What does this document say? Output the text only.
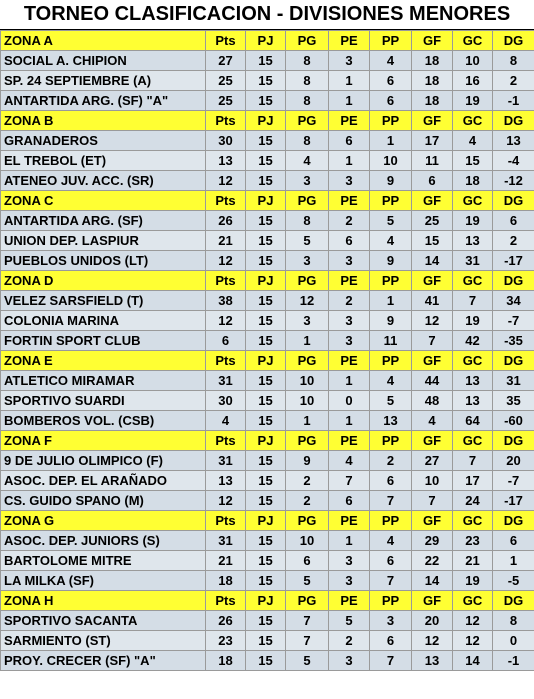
TORNEO CLASIFICACION - DIVISIONES MENORES
ZONA A	Pts	PJ	PG	PE	PP	GF	GC	DG
SOCIAL A. CHIPION	27	15	8	3	4	18	10	8
SP. 24 SEPTIEMBRE (A)	25	15	8	1	6	18	16	2
ANTARTIDA ARG. (SF) "A"	25	15	8	1	6	18	19	-1
ZONA B	Pts	PJ	PG	PE	PP	GF	GC	DG
GRANADEROS	30	15	8	6	1	17	4	13
EL TREBOL (ET)	13	15	4	1	10	11	15	-4
ATENEO JUV. ACC. (SR)	12	15	3	3	9	6	18	-12
ZONA C	Pts	PJ	PG	PE	PP	GF	GC	DG
ANTARTIDA ARG. (SF)	26	15	8	2	5	25	19	6
UNION DEP. LASPIUR	21	15	5	6	4	15	13	2
PUEBLOS UNIDOS (LT)	12	15	3	3	9	14	31	-17
ZONA D	Pts	PJ	PG	PE	PP	GF	GC	DG
VELEZ SARSFIELD (T)	38	15	12	2	1	41	7	34
COLONIA MARINA	12	15	3	3	9	12	19	-7
FORTIN SPORT CLUB	6	15	1	3	11	7	42	-35
ZONA E	Pts	PJ	PG	PE	PP	GF	GC	DG
ATLETICO MIRAMAR	31	15	10	1	4	44	13	31
SPORTIVO SUARDI	30	15	10	0	5	48	13	35
BOMBEROS VOL. (CSB)	4	15	1	1	13	4	64	-60
ZONA F	Pts	PJ	PG	PE	PP	GF	GC	DG
9 DE JULIO OLIMPICO (F)	31	15	9	4	2	27	7	20
ASOC. DEP. EL ARAÑADO	13	15	2	7	6	10	17	-7
CS. GUIDO SPANO (M)	12	15	2	6	7	7	24	-17
ZONA G	Pts	PJ	PG	PE	PP	GF	GC	DG
ASOC. DEP. JUNIORS (S)	31	15	10	1	4	29	23	6
BARTOLOME MITRE	21	15	6	3	6	22	21	1
LA MILKA (SF)	18	15	5	3	7	14	19	-5
ZONA H	Pts	PJ	PG	PE	PP	GF	GC	DG
SPORTIVO SACANTA	26	15	7	5	3	20	12	8
SARMIENTO (ST)	23	15	7	2	6	12	12	0
PROY. CRECER (SF) "A"	18	15	5	3	7	13	14	-1
